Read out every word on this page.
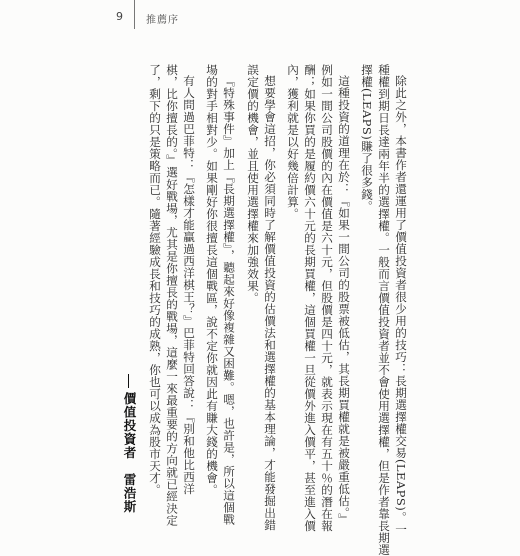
9 推薦序
除此之外，本書作者還運用了價值投資者很少用的技巧：長期選擇權交易(LEAPS)。一
種權到期日長達兩年半的選擇權。一般而言價值投資者並不會使用選擇權，但是作者靠長期選
擇權(LEAPS)賺了很多錢。
這種投資的道理在於：『如果一間公司的股票被低估，其長期買權就是被嚴重低估。』
例如一間公司股價的內在價值是六十元，但股價是四十元，就表示現在有五十％的潛在報
酬；如果你買的是履約價六十元的長期買權，這個買權一旦從價外進入價平，甚至進入價
內，獲利就是以好幾倍計算。
想要學會這招，你必須同時了解價值投資的估價法和選擇權的基本理論，才能發掘出錯
誤定價的機會，並且使用選擇權來加強效果。
『特殊事件』加上『長期選擇權』，聽起來好像複雜又困難。嗯，也許是，所以這個戰
場的對手相對少。如果剛好你很擅長這個戰區，說不定你就因此有賺大錢的機會。
有人問過巴菲特：『怎樣才能贏過西洋棋王？』巴菲特回答說：『別和他比西洋
棋，比你擅長的。』選好戰場，尤其是你擅長的戰場，這麼一來最重要的方向就已經決定
了，剩下的只是策略而已。隨著經驗成長和技巧的成熟，你也可以成為股市天才。
價值投資者　雷浩斯
